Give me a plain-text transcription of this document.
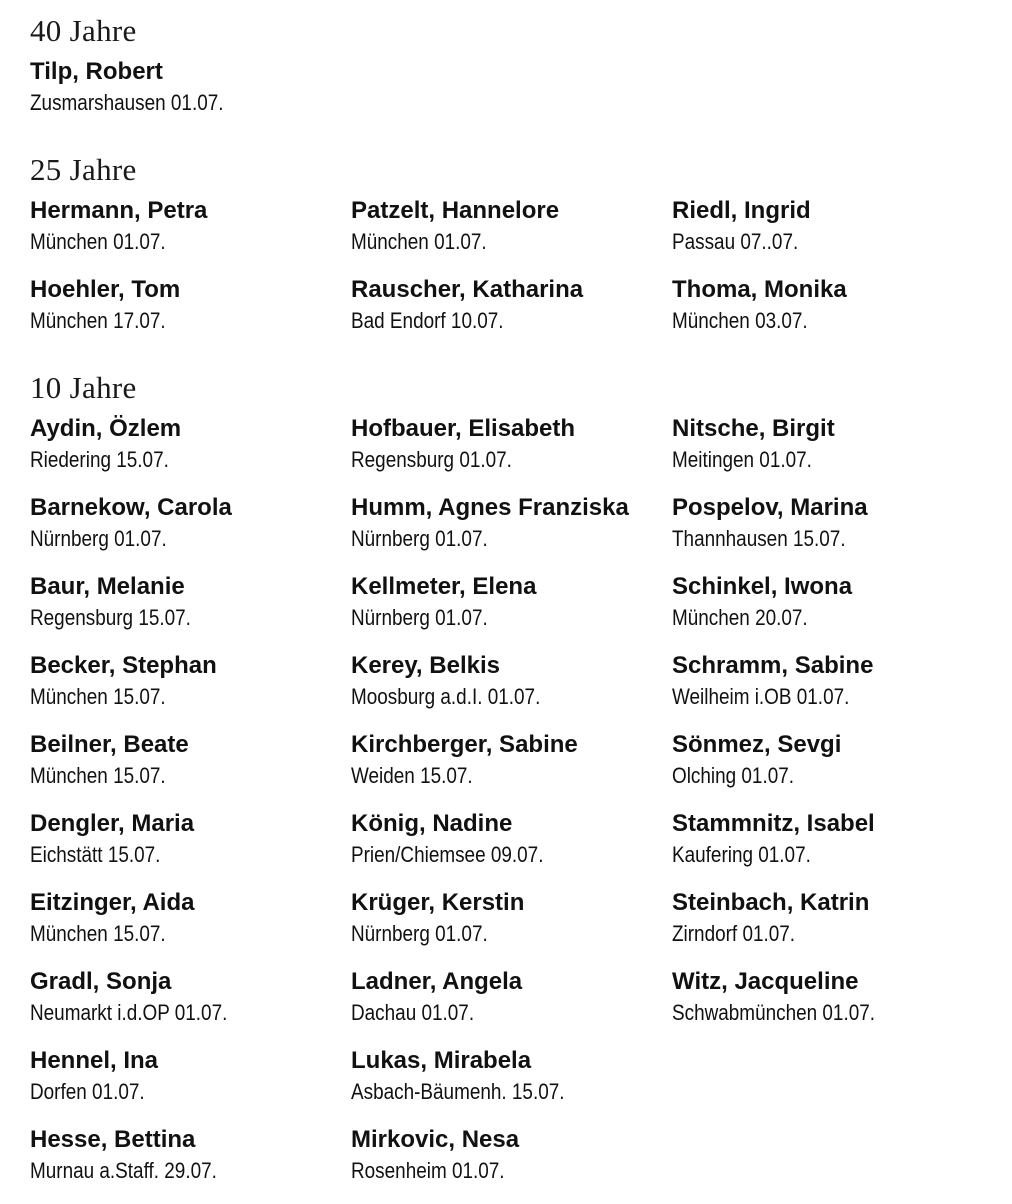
40 Jahre
Tilp, Robert
Zusmarshausen 01.07.
25 Jahre
Hermann, Petra
München 01.07.
Patzelt, Hannelore
München 01.07.
Riedl, Ingrid
Passau 07..07.
Hoehler, Tom
München 17.07.
Rauscher, Katharina
Bad Endorf 10.07.
Thoma, Monika
München 03.07.
10 Jahre
Aydin, Özlem
Riedering 15.07.
Hofbauer, Elisabeth
Regensburg 01.07.
Nitsche, Birgit
Meitingen 01.07.
Barnekow, Carola
Nürnberg 01.07.
Humm, Agnes Franziska
Nürnberg 01.07.
Pospelov, Marina
Thannhausen 15.07.
Baur, Melanie
Regensburg 15.07.
Kellmeter, Elena
Nürnberg 01.07.
Schinkel, Iwona
München 20.07.
Becker, Stephan
München 15.07.
Kerey, Belkis
Moosburg a.d.I. 01.07.
Schramm, Sabine
Weilheim i.OB 01.07.
Beilner, Beate
München 15.07.
Kirchberger, Sabine
Weiden 15.07.
Sönmez, Sevgi
Olching 01.07.
Dengler, Maria
Eichstätt 15.07.
König, Nadine
Prien/Chiemsee 09.07.
Stammnitz, Isabel
Kaufering 01.07.
Eitzinger, Aida
München 15.07.
Krüger, Kerstin
Nürnberg 01.07.
Steinbach, Katrin
Zirndorf 01.07.
Gradl, Sonja
Neumarkt i.d.OP 01.07.
Ladner, Angela
Dachau 01.07.
Witz, Jacqueline
Schwabmünchen 01.07.
Hennel, Ina
Dorfen 01.07.
Lukas, Mirabela
Asbach-Bäumenh. 15.07.
Hesse, Bettina
Murnau a.Staff. 29.07.
Mirkovic, Nesa
Rosenheim 01.07.
